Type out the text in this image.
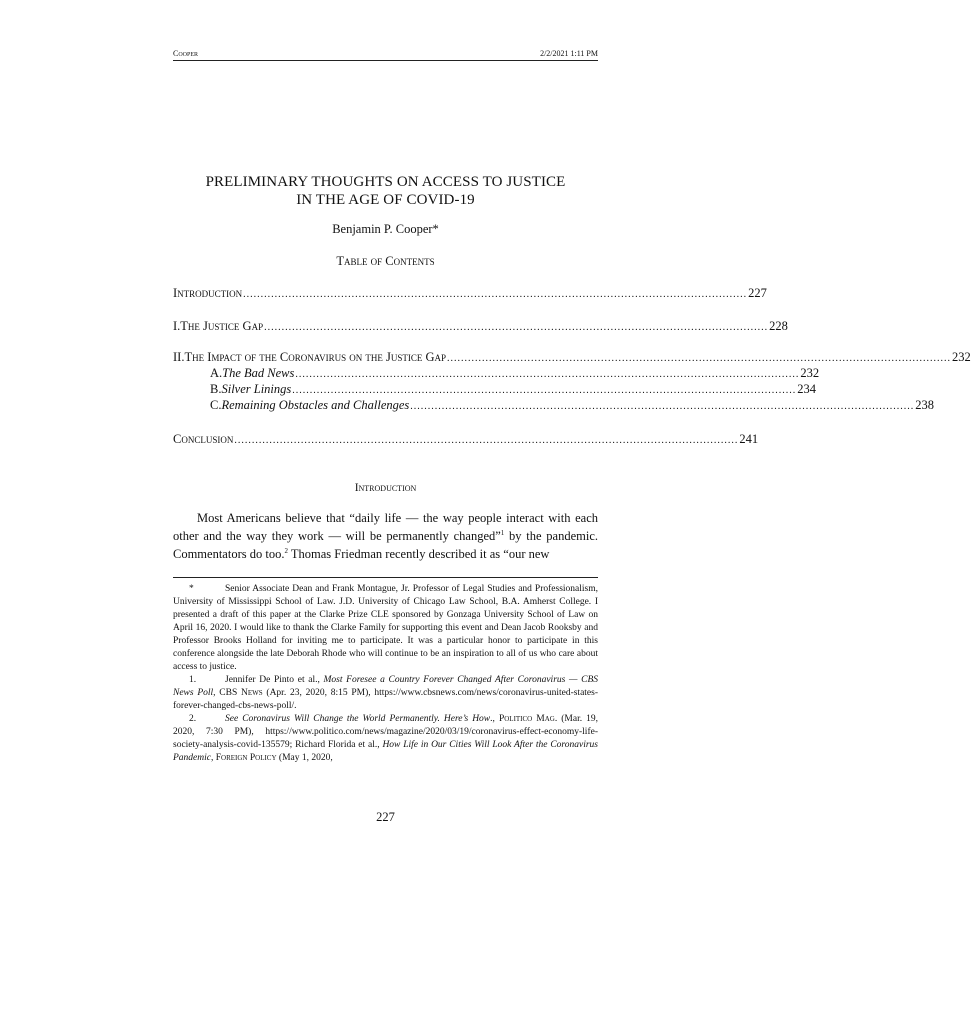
Cooper	2/2/2021 1:11 PM
PRELIMINARY THOUGHTS ON ACCESS TO JUSTICE
IN THE AGE OF COVID-19
Benjamin P. Cooper*
Table of Contents
Introduction ................................................................................................................................................ 227
I. The Justice Gap ................................................................................................................................................ 228
II. The Impact of the Coronavirus on the Justice Gap ................................................................................................................................................ 232
A. The Bad News ................................................................................................................................................ 232
B. Silver Linings ................................................................................................................................................ 234
C. Remaining Obstacles and Challenges ................................................................................................................................................ 238
Conclusion ................................................................................................................................................ 241
Introduction

Most Americans believe that “daily life — the way people interact with each other and the way they work — will be permanently changed”$^1$ by the pandemic. Commentators do too.$^2$ Thomas Friedman recently described it as “our new

*	Senior Associate Dean and Frank Montague, Jr. Professor of Legal Studies and Professionalism, University of Mississippi School of Law. J.D. University of Chicago Law School, B.A. Amherst College. I presented a draft of this paper at the Clarke Prize CLE sponsored by Gonzaga University School of Law on April 16, 2020. I would like to thank the Clarke Family for supporting this event and Dean Jacob Rooksby and Professor Brooks Holland for inviting me to participate. It was a particular honor to participate in this conference alongside the late Deborah Rhode who will continue to be an inspiration to all of us who care about access to justice.

1.	Jennifer De Pinto et al., Most Foresee a Country Forever Changed After Coronavirus — CBS News Poll, CBS News (Apr. 23, 2020, 8:15 PM), https://www.cbsnews.com/news/coronavirus-united-states-forever-changed-cbs-news-poll/.

2.	See Coronavirus Will Change the World Permanently. Here’s How., Politico Mag. (Mar. 19, 2020, 7:30 PM), https://www.politico.com/news/magazine/2020/03/19/coronavirus-effect-economy-life-society-analysis-covid-135579; Richard Florida et al., How Life in Our Cities Will Look After the Coronavirus Pandemic, Foreign Policy (May 1, 2020,

227
